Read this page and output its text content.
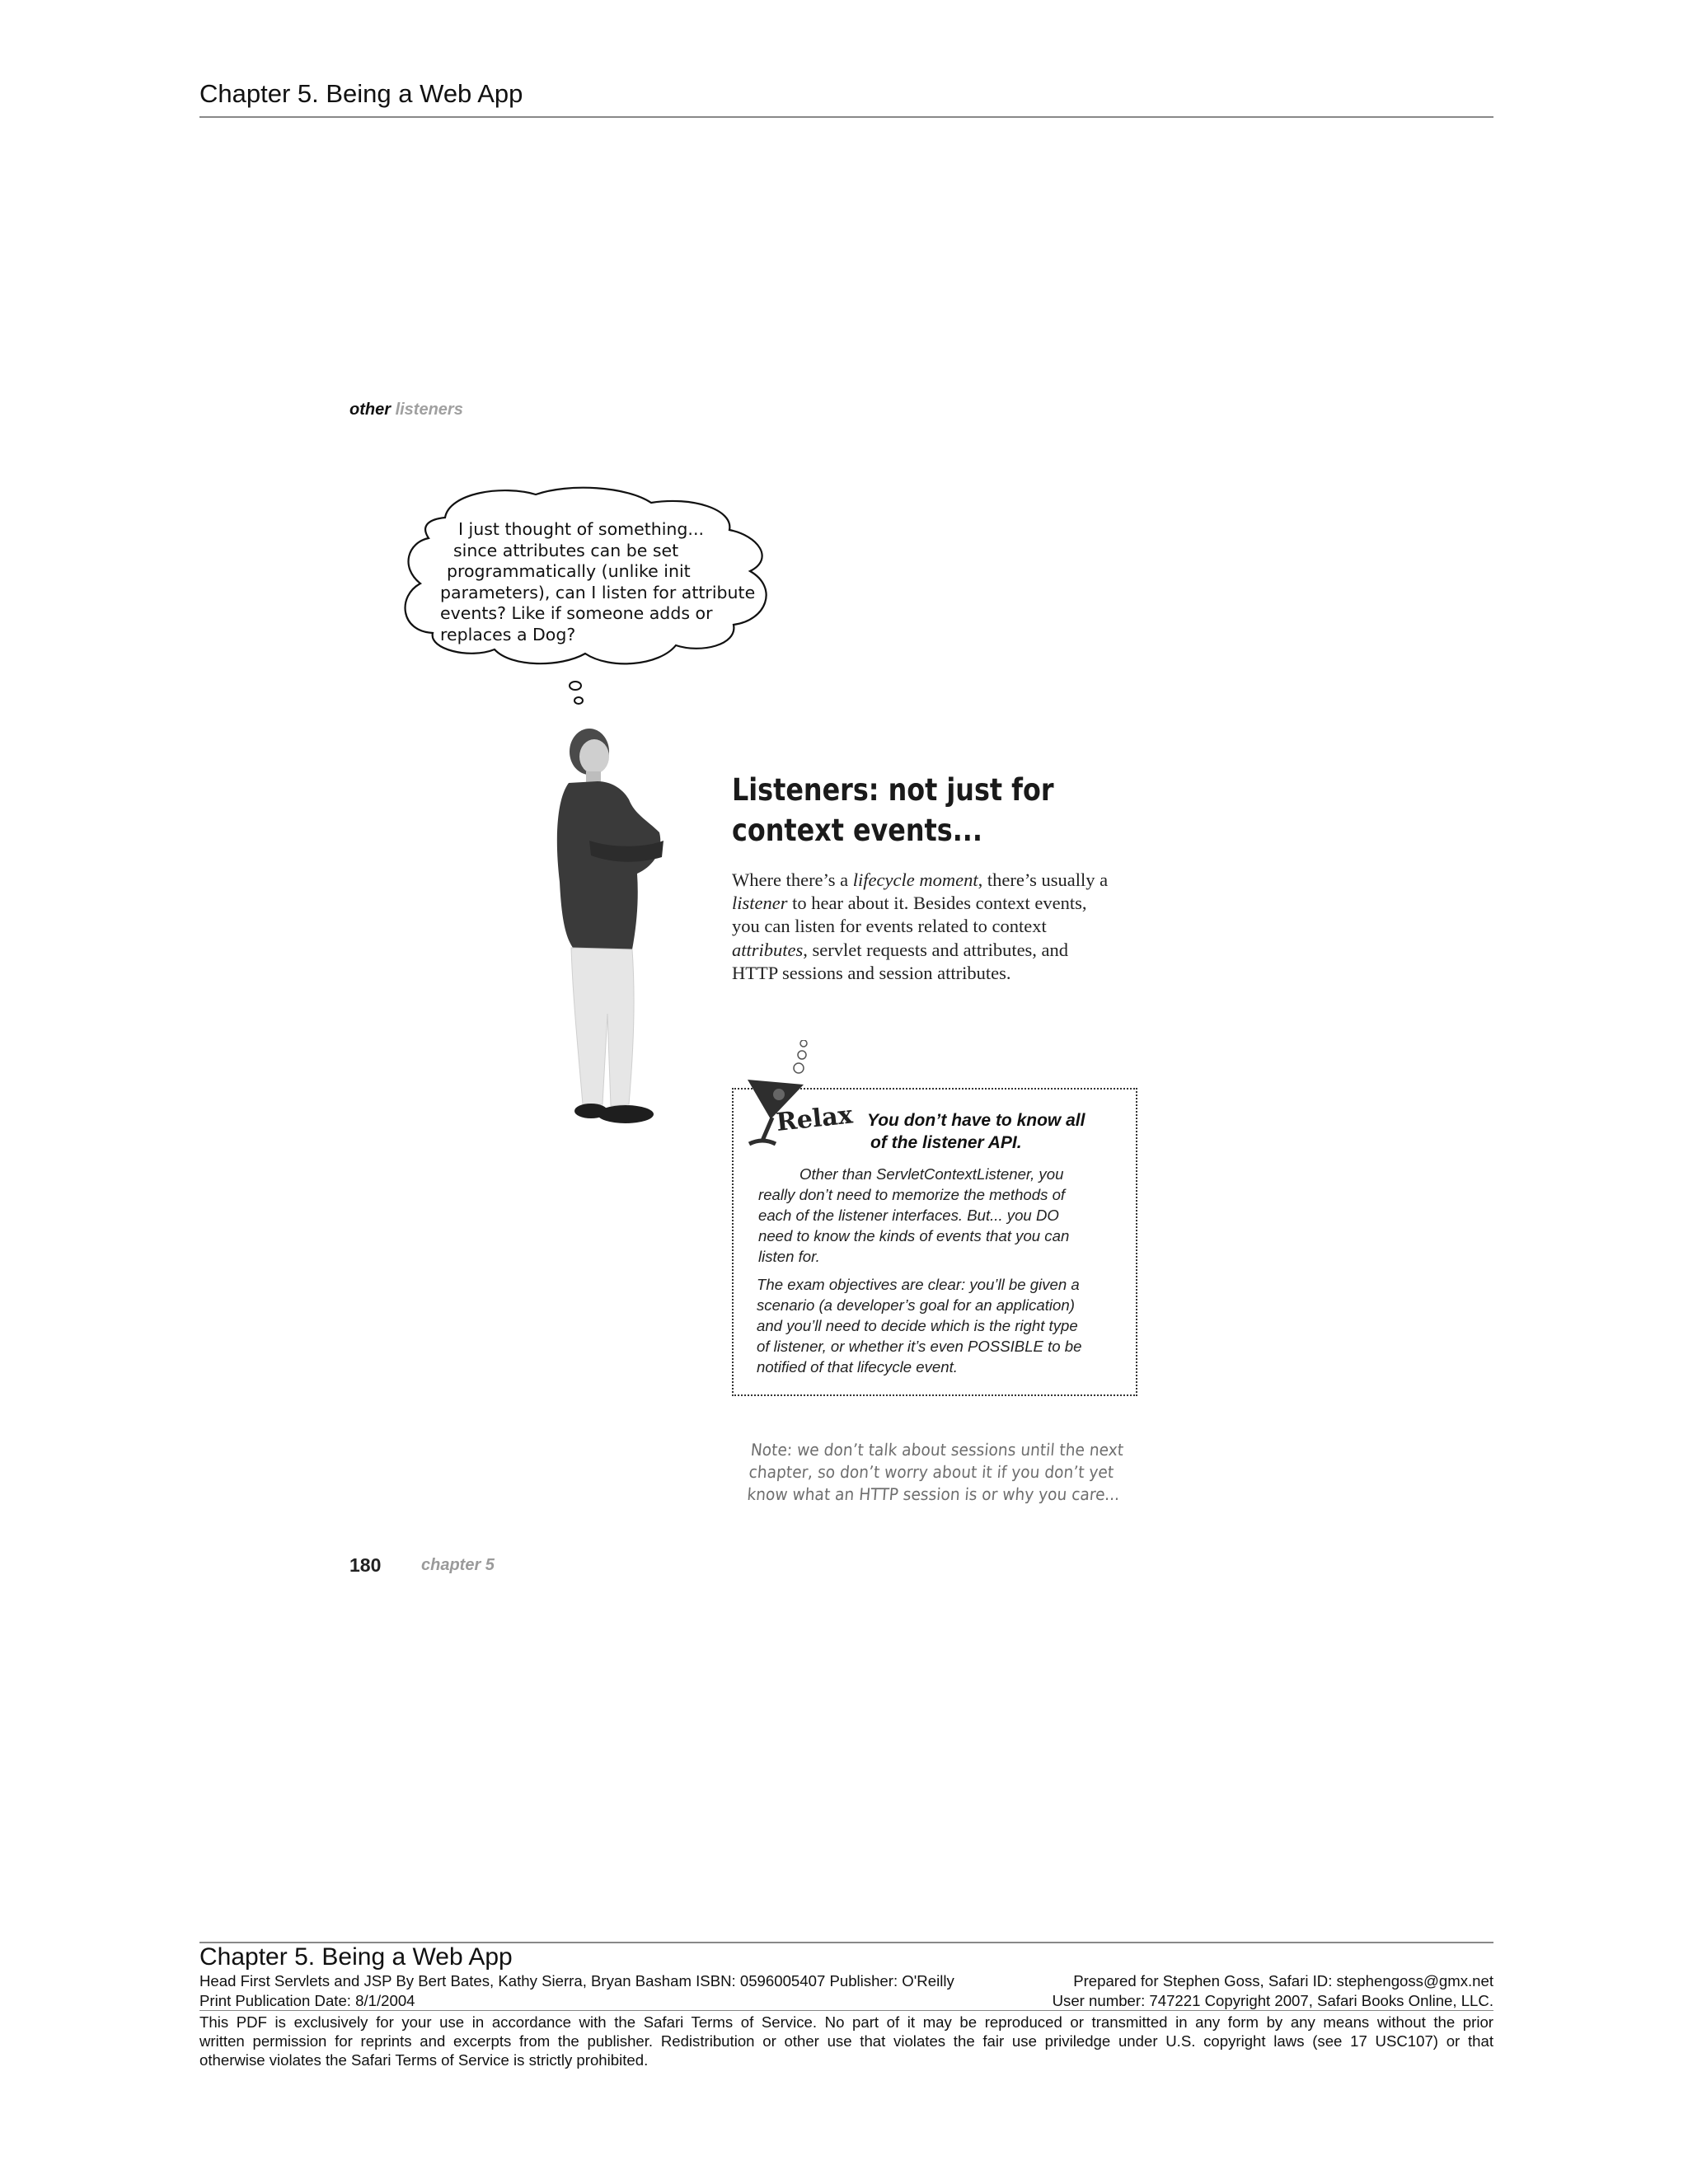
Chapter 5. Being a Web App
other listeners
I just thought of something...
since attributes can be set
programmatically (unlike init
parameters), can I listen for attribute
events? Like if someone adds or
replaces a Dog?
Listeners: not just for
context events...
Where there’s a lifecycle moment, there’s usually a
listener to hear about it. Besides context events,
you can listen for events related to context
attributes, servlet requests and attributes, and
HTTP sessions and session attributes.
Relax You don’t have to know all
of the listener API.
Other than ServletContextListener, you
really don’t need to memorize the methods of
each of the listener interfaces. But... you DO
need to know the kinds of events that you can
listen for.
The exam objectives are clear: you’ll be given a
scenario (a developer’s goal for an application)
and you’ll need to decide which is the right type
of listener, or whether it’s even POSSIBLE to be
notified of that lifecycle event.
Note: we don’t talk about sessions until the next
chapter, so don’t worry about it if you don’t yet
know what an HTTP session is or why you care...
180 chapter 5
Chapter 5. Being a Web App
Head First Servlets and JSP By Bert Bates, Kathy Sierra, Bryan Basham ISBN: 0596005407 Publisher: O'Reilly	Prepared for Stephen Goss, Safari ID: stephengoss@gmx.net
Print Publication Date: 8/1/2004	User number: 747221 Copyright 2007, Safari Books Online, LLC.
This PDF is exclusively for your use in accordance with the Safari Terms of Service. No part of it may be reproduced or transmitted in any form by any means without the prior
written permission for reprints and excerpts from the publisher. Redistribution or other use that violates the fair use priviledge under U.S. copyright laws (see 17 USC107) or that
otherwise violates the Safari Terms of Service is strictly prohibited.
